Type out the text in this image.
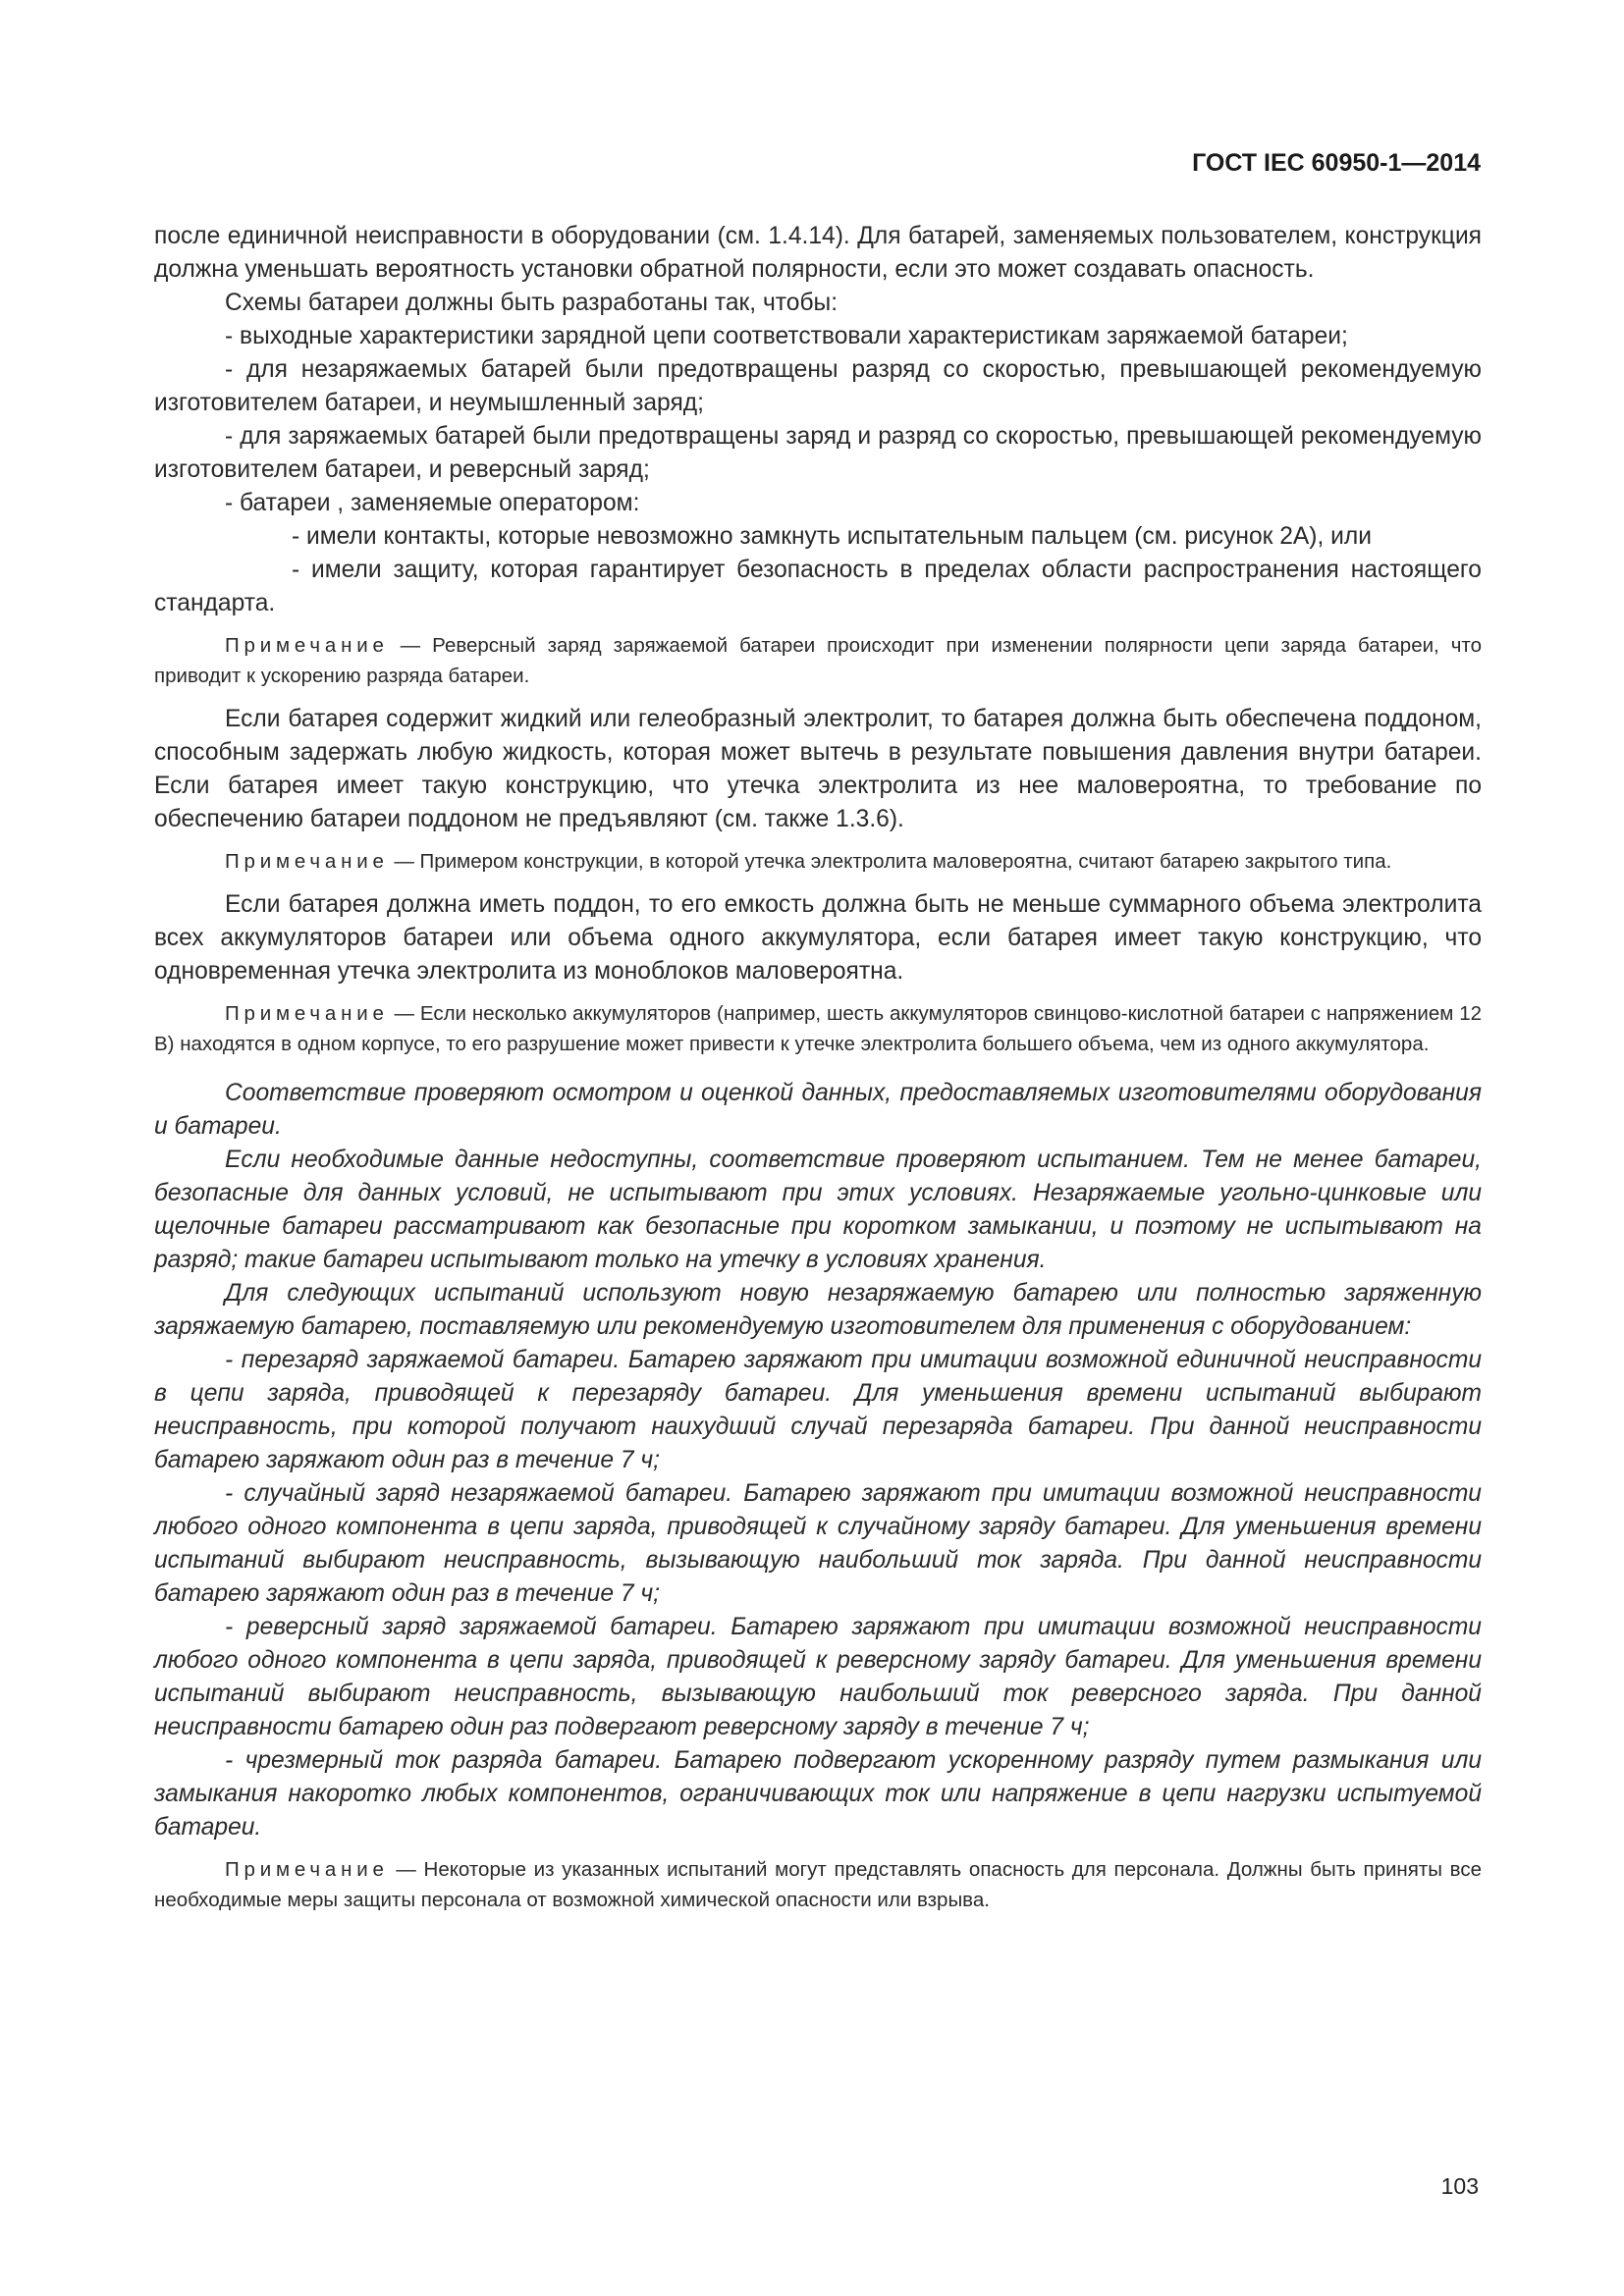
ГОСТ IEC 60950-1—2014

после единичной неисправности в оборудовании (см. 1.4.14). Для батарей, заменяемых пользователем, конструкция должна уменьшать вероятность установки обратной полярности, если это может создавать опасность.

Схемы батареи должны быть разработаны так, чтобы:

- выходные характеристики зарядной цепи соответствовали характеристикам заряжаемой батареи;

- для незаряжаемых батарей были предотвращены разряд со скоростью, превышающей рекомендуемую изготовителем батареи, и неумышленный заряд;

- для заряжаемых батарей были предотвращены заряд и разряд со скоростью, превышающей рекомендуемую изготовителем батареи, и реверсный заряд;

- батареи , заменяемые оператором:

- имели контакты, которые невозможно замкнуть испытательным пальцем (см. рисунок 2А), или

- имели защиту, которая гарантирует безопасность в пределах области распространения настоящего стандарта.

Примечание — Реверсный заряд заряжаемой батареи происходит при изменении полярности цепи заряда батареи, что приводит к ускорению разряда батареи.

Если батарея содержит жидкий или гелеобразный электролит, то батарея должна быть обеспечена поддоном, способным задержать любую жидкость, которая может вытечь в результате повышения давления внутри батареи. Если батарея имеет такую конструкцию, что утечка электролита из нее маловероятна, то требование по обеспечению батареи поддоном не предъявляют (см. также 1.3.6).

Примечание — Примером конструкции, в которой утечка электролита маловероятна, считают батарею закрытого типа.

Если батарея должна иметь поддон, то его емкость должна быть не меньше суммарного объема электролита всех аккумуляторов батареи или объема одного аккумулятора, если батарея имеет такую конструкцию, что одновременная утечка электролита из моноблоков маловероятна.

Примечание — Если несколько аккумуляторов (например, шесть аккумуляторов свинцово-кислотной батареи с напряжением 12 В) находятся в одном корпусе, то его разрушение может привести к утечке электролита большего объема, чем из одного аккумулятора.

Соответствие проверяют осмотром и оценкой данных, предоставляемых изготовителями оборудования и батареи.

Если необходимые данные недоступны, соответствие проверяют испытанием. Тем не менее батареи, безопасные для данных условий, не испытывают при этих условиях. Незаряжаемые угольно-цинковые или щелочные батареи рассматривают как безопасные при коротком замыкании, и поэтому не испытывают на разряд; такие батареи испытывают только на утечку в условиях хранения.

Для следующих испытаний используют новую незаряжаемую батарею или полностью заряженную заряжаемую батарею, поставляемую или рекомендуемую изготовителем для применения с оборудованием:

- перезаряд заряжаемой батареи. Батарею заряжают при имитации возможной единичной неисправности в цепи заряда, приводящей к перезаряду батареи. Для уменьшения времени испытаний выбирают неисправность, при которой получают наихудший случай перезаряда батареи. При данной неисправности батарею заряжают один раз в течение 7 ч;

- случайный заряд незаряжаемой батареи. Батарею заряжают при имитации возможной неисправности любого одного компонента в цепи заряда, приводящей к случайному заряду батареи. Для уменьшения времени испытаний выбирают неисправность, вызывающую наибольший ток заряда. При данной неисправности батарею заряжают один раз в течение 7 ч;

- реверсный заряд заряжаемой батареи. Батарею заряжают при имитации возможной неисправности любого одного компонента в цепи заряда, приводящей к реверсному заряду батареи. Для уменьшения времени испытаний выбирают неисправность, вызывающую наибольший ток реверсного заряда. При данной неисправности батарею один раз подвергают реверсному заряду в течение 7 ч;

- чрезмерный ток разряда батареи. Батарею подвергают ускоренному разряду путем размыкания или замыкания накоротко любых компонентов, ограничивающих ток или напряжение в цепи нагрузки испытуемой батареи.

Примечание — Некоторые из указанных испытаний могут представлять опасность для персонала. Должны быть приняты все необходимые меры защиты персонала от возможной химической опасности или взрыва.

103
